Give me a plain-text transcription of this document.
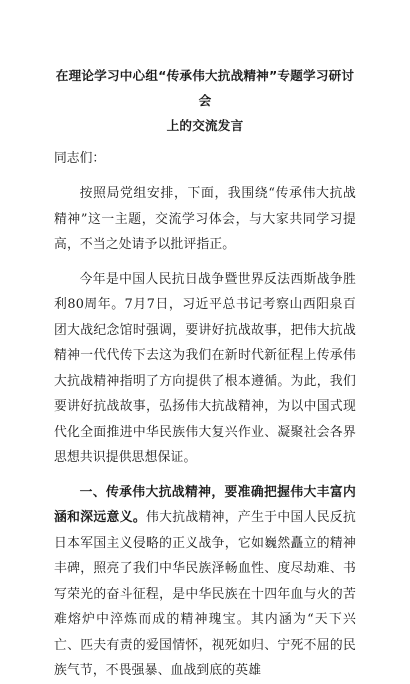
在理论学习中心组“传承伟大抗战精神”专题学习研讨会
上的交流发言
同志们：

按照局党组安排，下面，我围绕“传承伟大抗战精神”这一主题，交流学习体会，与大家共同学习提高，不当之处请予以批评指正。

今年是中国人民抗日战争暨世界反法西斯战争胜利80周年。7月7日，习近平总书记考察山西阳泉百团大战纪念馆时强调，要讲好抗战故事，把伟大抗战精神一代代传下去这为我们在新时代新征程上传承伟大抗战精神指明了方向提供了根本遵循。为此，我们要讲好抗战故事，弘扬伟大抗战精神，为以中国式现代化全面推进中华民族伟大复兴作业、凝聚社会各界思想共识提供思想保证。

一、传承伟大抗战精神，要准确把握伟大丰富内涵和深远意义。伟大抗战精神，产生于中国人民反抗日本军国主义侵略的正义战争，它如巍然矗立的精神丰碑，照亮了我们中华民族泽畅血性、度尽劫难、书写荣光的奋斗征程，是中华民族在十四年血与火的苦难熔炉中淬炼而成的精神瑰宝。其内涵为“天下兴亡、匹夫有责的爱国情怀，视死如归、宁死不屈的民族气节，不畏强暴、血战到底的英雄
